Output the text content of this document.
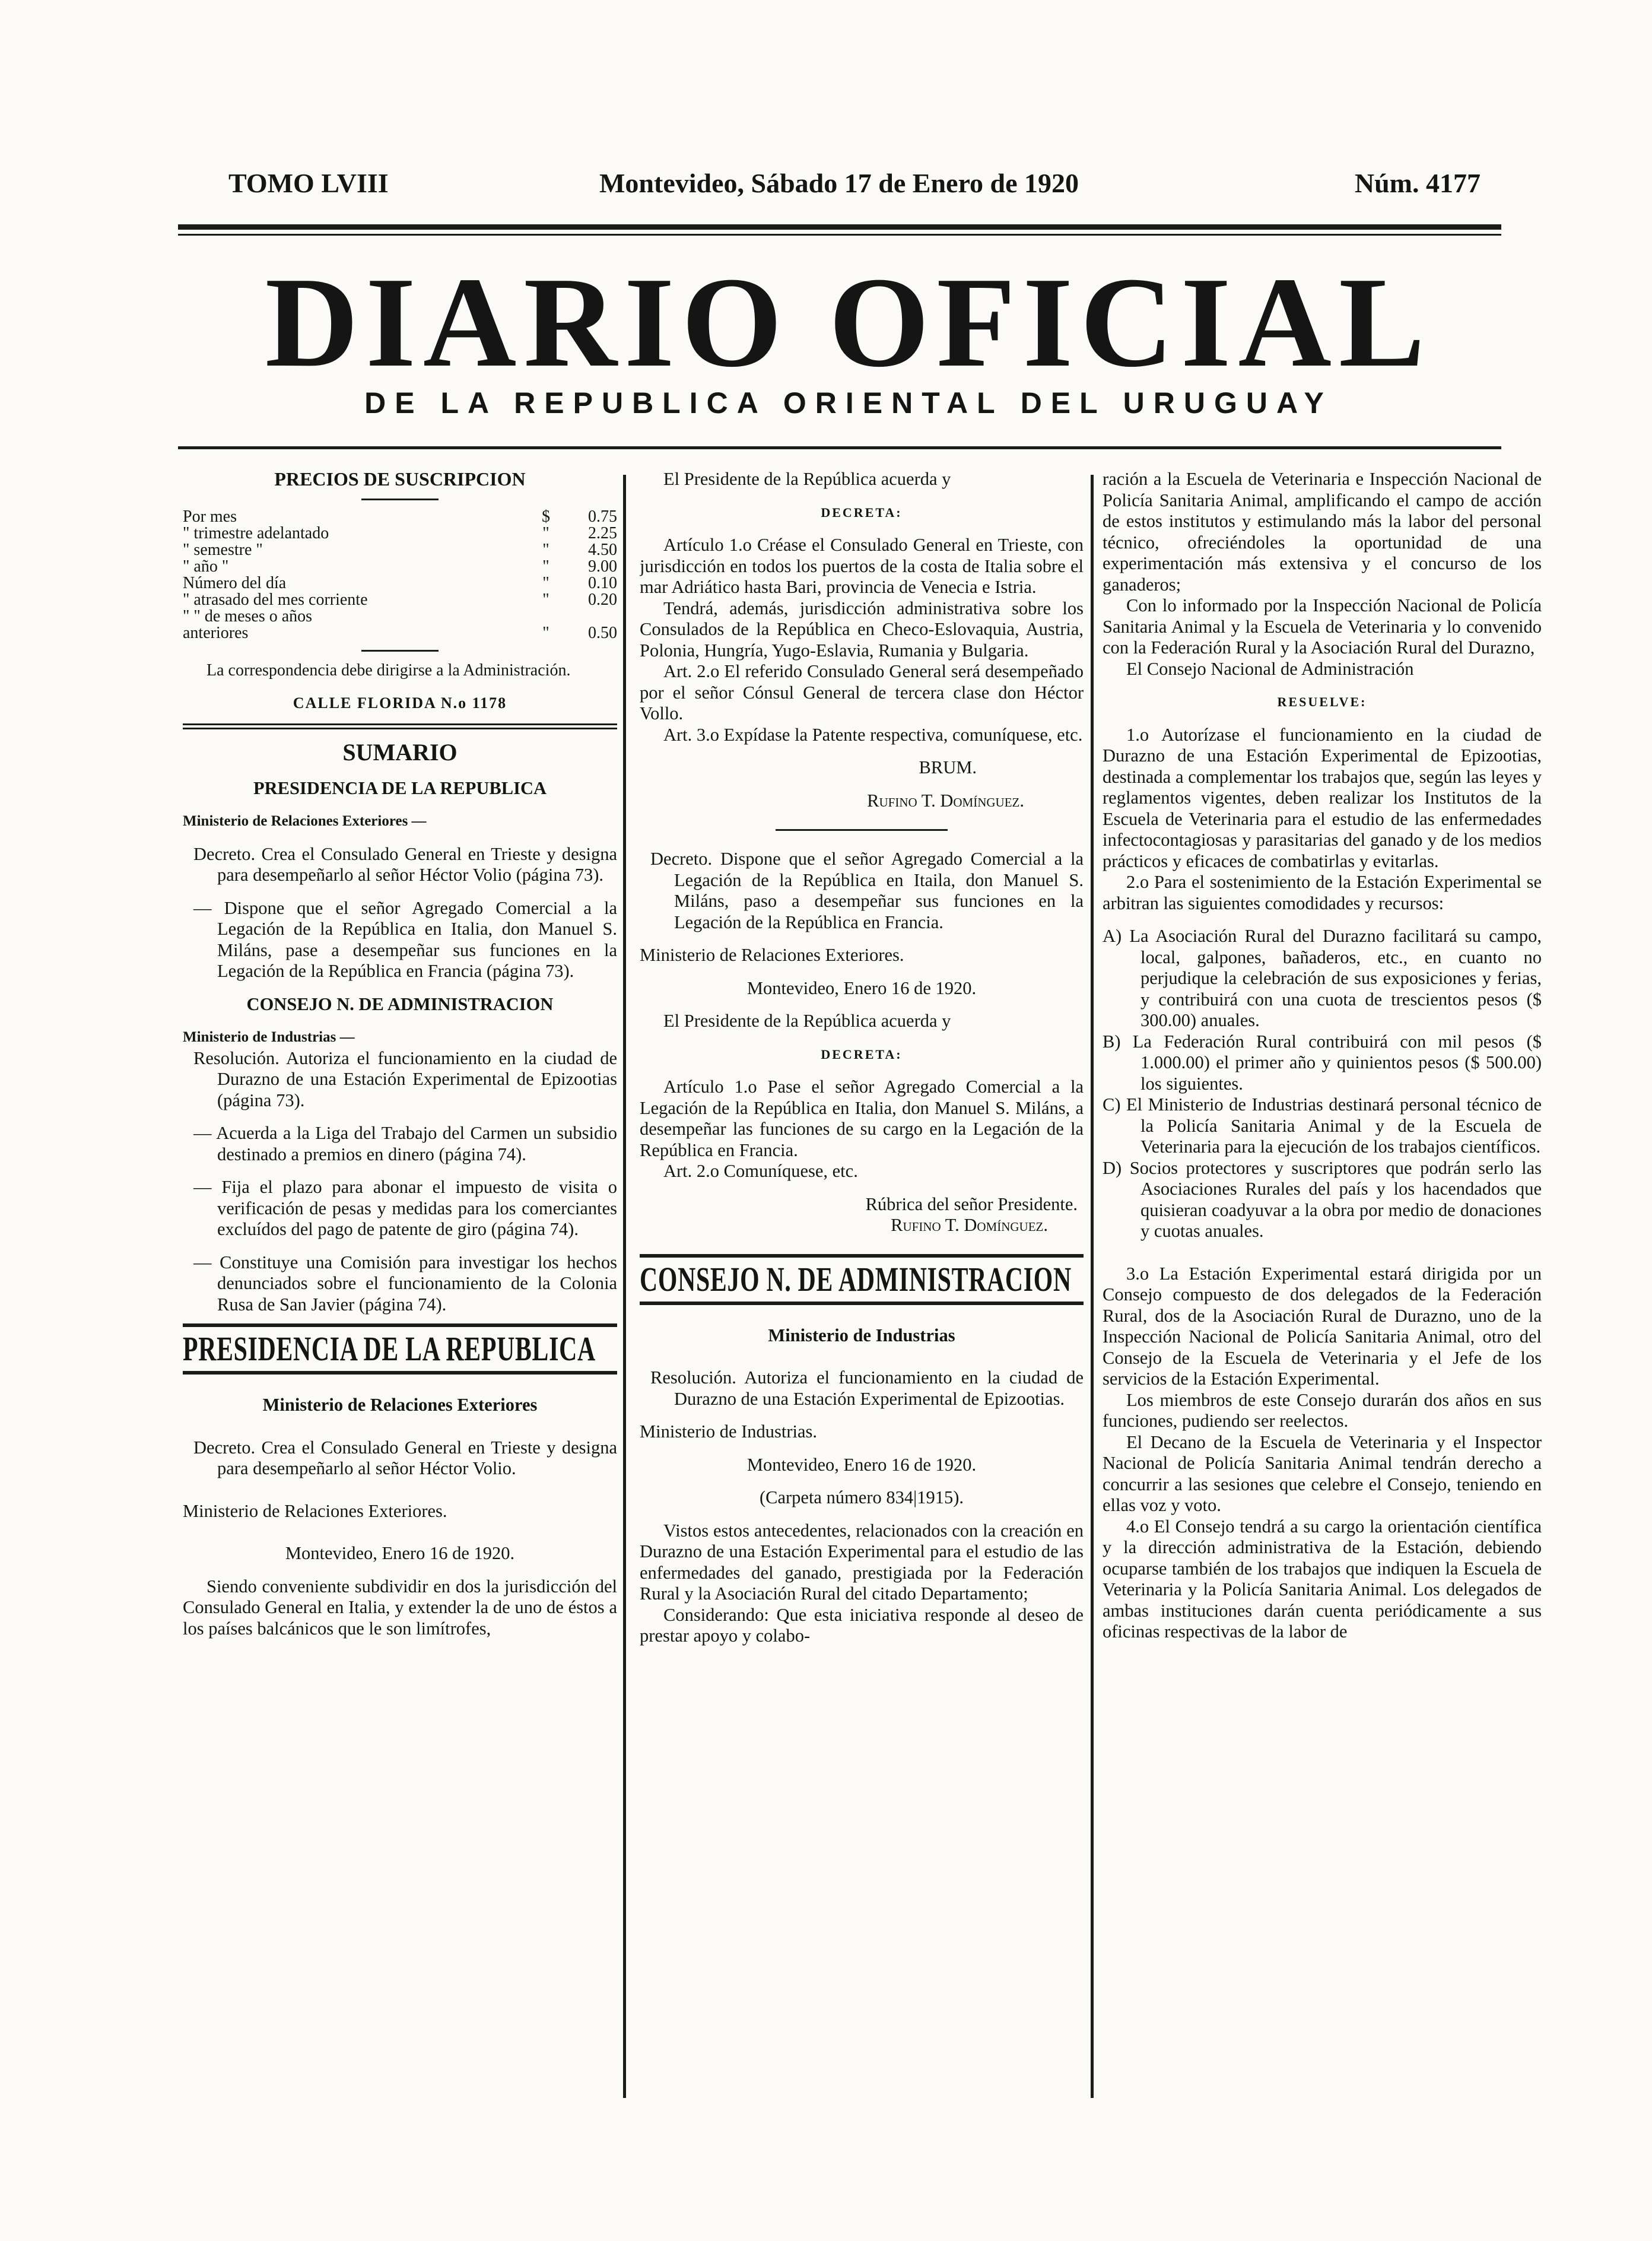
TOMO LVIII	Montevideo, Sábado 17 de Enero de 1920	Núm. 4177
DIARIO OFICIAL
DE LA REPUBLICA ORIENTAL DEL URUGUAY

PRECIOS DE SUSCRIPCION

Por mes	$	0.75
" trimestre adelantado	"	2.25
" semestre "	"	4.50
" año "	"	9.00
Número del día	"	0.10
" atrasado del mes corriente	"	0.20
" " de meses o años		
anteriores	"	0.50

La correspondencia debe dirigirse a la Administración.

CALLE FLORIDA N.o 1178

SUMARIO

PRESIDENCIA DE LA REPUBLICA

Ministerio de Relaciones Exteriores —

Decreto. Crea el Consulado General en Trieste y designa para desempeñarlo al señor Héctor Volio (página 73).

— Dispone que el señor Agregado Comercial a la Legación de la República en Italia, don Manuel S. Miláns, pase a desempeñar sus funciones en la Legación de la República en Francia (página 73).

CONSEJO N. DE ADMINISTRACION

Ministerio de Industrias —

Resolución. Autoriza el funcionamiento en la ciudad de Durazno de una Estación Experimental de Epizootias (página 73).

— Acuerda a la Liga del Trabajo del Carmen un subsidio destinado a premios en dinero (página 74).

— Fija el plazo para abonar el impuesto de visita o verificación de pesas y medidas para los comerciantes excluídos del pago de patente de giro (página 74).

— Constituye una Comisión para investigar los hechos denunciados sobre el funcionamiento de la Colonia Rusa de San Javier (página 74).

PRESIDENCIA DE LA REPUBLICA

Ministerio de Relaciones Exteriores

Decreto. Crea el Consulado General en Trieste y designa para desempeñarlo al señor Héctor Volio.

Ministerio de Relaciones Exteriores.

Montevideo, Enero 16 de 1920.

Siendo conveniente subdividir en dos la jurisdicción del Consulado General en Italia, y extender la de uno de éstos a los países balcánicos que le son limítrofes,

El Presidente de la República acuerda y

DECRETA:

Artículo 1.o Créase el Consulado General en Trieste, con jurisdicción en todos los puertos de la costa de Italia sobre el mar Adriático hasta Bari, provincia de Venecia e Istria.

Tendrá, además, jurisdicción administrativa sobre los Consulados de la República en Checo-Eslovaquia, Austria, Polonia, Hungría, Yugo-Eslavia, Rumania y Bulgaria.

Art. 2.o El referido Consulado General será desempeñado por el señor Cónsul General de tercera clase don Héctor Vollo.

Art. 3.o Expídase la Patente respectiva, comuníquese, etc.

BRUM.

Rufino T. Domínguez.

Decreto. Dispone que el señor Agregado Comercial a la Legación de la República en Itaila, don Manuel S. Miláns, paso a desempeñar sus funciones en la Legación de la República en Francia.

Ministerio de Relaciones Exteriores.

Montevideo, Enero 16 de 1920.

El Presidente de la República acuerda y

DECRETA:

Artículo 1.o Pase el señor Agregado Comercial a la Legación de la República en Italia, don Manuel S. Miláns, a desempeñar las funciones de su cargo en la Legación de la República en Francia.

Art. 2.o Comuníquese, etc.

Rúbrica del señor Presidente.

Rufino T. Domínguez.

CONSEJO N. DE ADMINISTRACION

Ministerio de Industrias

Resolución. Autoriza el funcionamiento en la ciudad de Durazno de una Estación Experimental de Epizootias.

Ministerio de Industrias.

Montevideo, Enero 16 de 1920.

(Carpeta número 834|1915).

Vistos estos antecedentes, relacionados con la creación en Durazno de una Estación Experimental para el estudio de las enfermedades del ganado, prestigiada por la Federación Rural y la Asociación Rural del citado Departamento;

Considerando: Que esta iniciativa responde al deseo de prestar apoyo y colabo-

ración a la Escuela de Veterinaria e Inspección Nacional de Policía Sanitaria Animal, amplificando el campo de acción de estos institutos y estimulando más la labor del personal técnico, ofreciéndoles la oportunidad de una experimentación más extensiva y el concurso de los ganaderos;

Con lo informado por la Inspección Nacional de Policía Sanitaria Animal y la Escuela de Veterinaria y lo convenido con la Federación Rural y la Asociación Rural del Durazno,

El Consejo Nacional de Administración

RESUELVE:

1.o Autorízase el funcionamiento en la ciudad de Durazno de una Estación Experimental de Epizootias, destinada a complementar los trabajos que, según las leyes y reglamentos vigentes, deben realizar los Institutos de la Escuela de Veterinaria para el estudio de las enfermedades infectocontagiosas y parasitarias del ganado y de los medios prácticos y eficaces de combatirlas y evitarlas.

2.o Para el sostenimiento de la Estación Experimental se arbitran las siguientes comodidades y recursos:

A) La Asociación Rural del Durazno facilitará su campo, local, galpones, bañaderos, etc., en cuanto no perjudique la celebración de sus exposiciones y ferias, y contribuirá con una cuota de trescientos pesos ($ 300.00) anuales.

B) La Federación Rural contribuirá con mil pesos ($ 1.000.00) el primer año y quinientos pesos ($ 500.00) los siguientes.

C) El Ministerio de Industrias destinará personal técnico de la Policía Sanitaria Animal y de la Escuela de Veterinaria para la ejecución de los trabajos científicos.

D) Socios protectores y suscriptores que podrán serlo las Asociaciones Rurales del país y los hacendados que quisieran coadyuvar a la obra por medio de donaciones y cuotas anuales.

3.o La Estación Experimental estará dirigida por un Consejo compuesto de dos delegados de la Federación Rural, dos de la Asociación Rural de Durazno, uno de la Inspección Nacional de Policía Sanitaria Animal, otro del Consejo de la Escuela de Veterinaria y el Jefe de los servicios de la Estación Experimental.

Los miembros de este Consejo durarán dos años en sus funciones, pudiendo ser reelectos.

El Decano de la Escuela de Veterinaria y el Inspector Nacional de Policía Sanitaria Animal tendrán derecho a concurrir a las sesiones que celebre el Consejo, teniendo en ellas voz y voto.

4.o El Consejo tendrá a su cargo la orientación científica y la dirección administrativa de la Estación, debiendo ocuparse también de los trabajos que indiquen la Escuela de Veterinaria y la Policía Sanitaria Animal. Los delegados de ambas instituciones darán cuenta periódicamente a sus oficinas respectivas de la labor de
